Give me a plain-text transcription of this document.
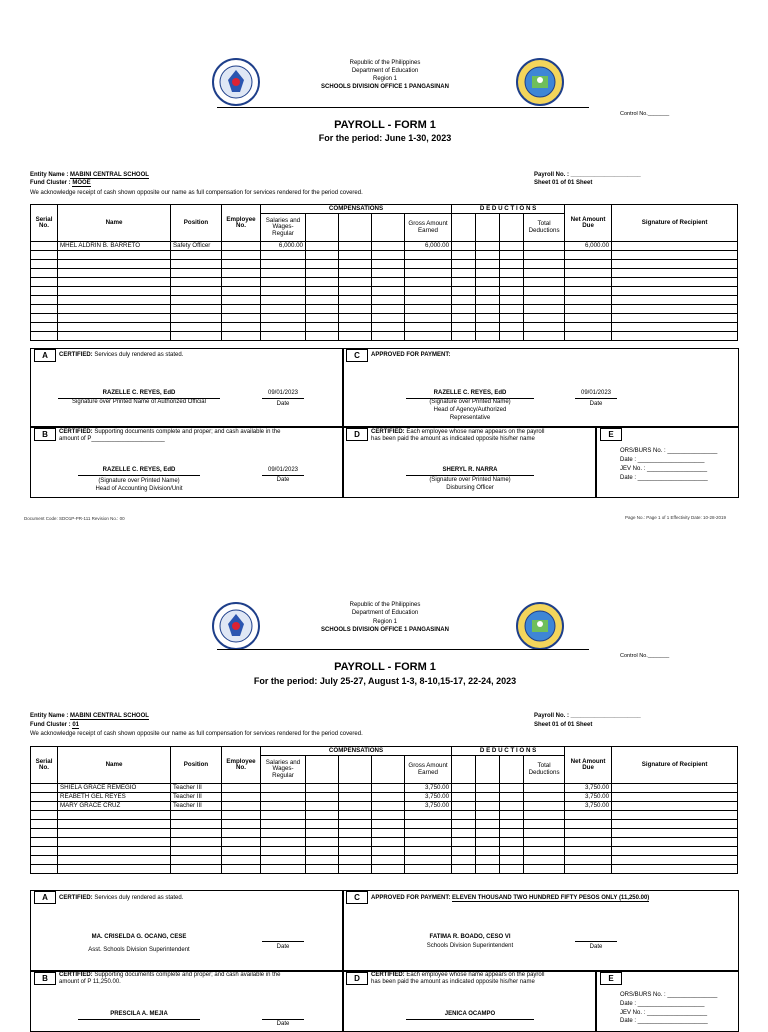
Republic of the Philippines
Department of Education
Region 1
SCHOOLS DIVISION OFFICE 1 PANGASINAN
Control No._______
PAYROLL - FORM 1
For the period: June 1-30, 2023
Entity Name : MABINI CENTRAL SCHOOL
Fund Cluster : MOOE
We acknowledge receipt of cash shown opposite our name as full compensation for services rendered for the period covered.
Payroll No. : _____________________
Sheet 01 of 01 Sheet
Serial No.	Name	Position	Employee No.	COMPENSATIONS					D E D U C T I O N S				Net Amount Due	Signature of Recipient
				Salaries and Wages-Regular				Gross Amount Earned				Total Deductions		
	MHEL ALDRIN B. BARRETO	Safety Officer		6,000.00				6,000.00					6,000.00	

A	CERTIFIED: Services duly rendered as stated.	C	APPROVED FOR PAYMENT:
RAZELLE C. REYES, EdD
Signature over Printed Name of Authorized Official
09/01/2023
Date
RAZELLE C. REYES, EdD
(Signature over Printed Name)
Head of Agency/Authorized
Representative
09/01/2023
Date
B	CERTIFIED: Supporting documents complete and proper; and cash available in the
amount of P______________________	D	CERTIFIED: Each employee whose name appears on the payroll
has been paid the amount as indicated opposite his/her name	E
ORS/BURS No. : _______________
Date : ____________________
JEV No. : __________________
Date : _____________________
RAZELLE C. REYES, EdD
(Signature over Printed Name)
Head of Accounting Division/Unit
09/01/2023
Date
SHERYL R. NARRA
(Signature over Printed Name)
Disbursing Officer
Document Code: SDO1P-PR-111 Revision No.: 00	Page No.: Page 1 of 1 Effectivity Date: 10-28-2019
Republic of the Philippines
Department of Education
Region 1
SCHOOLS DIVISION OFFICE 1 PANGASINAN
Control No._______
PAYROLL - FORM 1
For the period: July 25-27, August 1-3, 8-10,15-17, 22-24, 2023
Entity Name : MABINI CENTRAL SCHOOL
Fund Cluster : 01
We acknowledge receipt of cash shown opposite our name as full compensation for services rendered for the period covered.
Payroll No. : _____________________
Sheet 01 of 01 Sheet
Serial No.	Name	Position	Employee No.	COMPENSATIONS					D E D U C T I O N S				Net Amount Due	Signature of Recipient
				Salaries and Wages-Regular				Gross Amount Earned				Total Deductions		
	SHIELA GRACE REMEGIO	Teacher III						3,750.00					3,750.00	
	REABETH GEL REYES	Teacher III						3,750.00					3,750.00	
	MARY GRACE CRUZ	Teacher III						3,750.00					3,750.00	

A	CERTIFIED: Services duly rendered as stated.	C	APPROVED FOR PAYMENT: ELEVEN THOUSAND TWO HUNDRED FIFTY PESOS ONLY (11,250.00)
MA. CRISELDA G. OCANG, CESE
Asst. Schools Division Superintendent	Date
FATIMA R. BOADO, CESO VI
Schools Division Superintendent	Date
B	CERTIFIED: Supporting documents complete and proper; and cash available in the
amount of P 11,250.00.	D	CERTIFIED: Each employee whose name appears on the payroll
has been paid the amount as indicated opposite his/her name	E
ORS/BURS No. : _______________
Date : ____________________
JEV No. : __________________
Date : _____________________
PRESCILA A. MEJIA
Date
JENICA OCAMPO
